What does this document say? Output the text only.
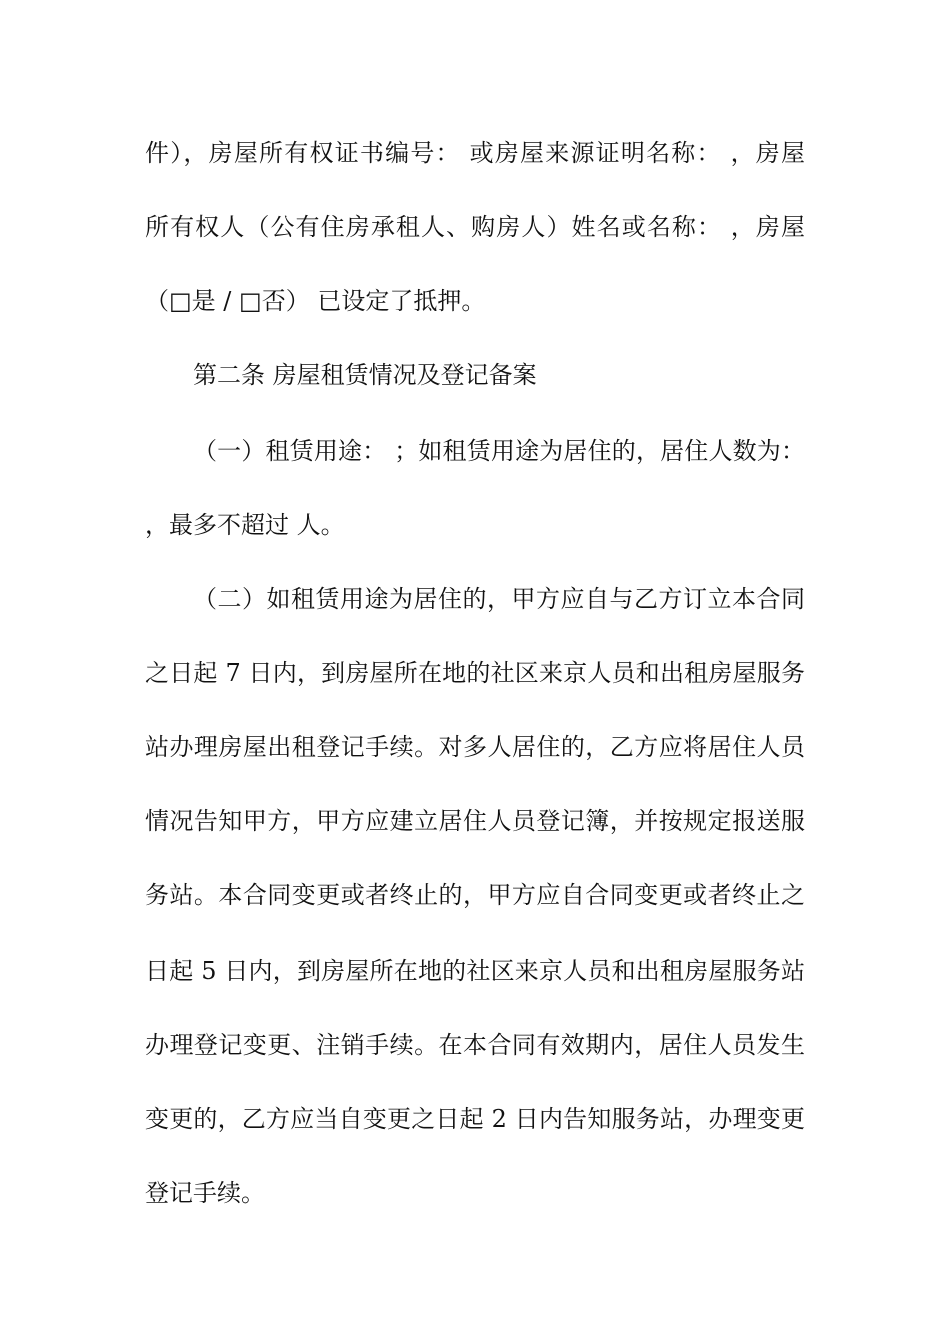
件），房屋所有权证书编号： 或房屋来源证明名称： ，房屋
所有权人（公有住房承租人、购房人）姓名或名称： ，房屋
（□是 / □否） 已设定了抵押。
第二条 房屋租赁情况及登记备案
（一）租赁用途： ；如租赁用途为居住的，居住人数为：
，最多不超过 人。
（二）如租赁用途为居住的，甲方应自与乙方订立本合同
之日起 7 日内，到房屋所在地的社区来京人员和出租房屋服务
站办理房屋出租登记手续。对多人居住的，乙方应将居住人员
情况告知甲方，甲方应建立居住人员登记簿，并按规定报送服
务站。本合同变更或者终止的，甲方应自合同变更或者终止之
日起 5 日内，到房屋所在地的社区来京人员和出租房屋服务站
办理登记变更、注销手续。在本合同有效期内，居住人员发生
变更的，乙方应当自变更之日起 2 日内告知服务站，办理变更
登记手续。
